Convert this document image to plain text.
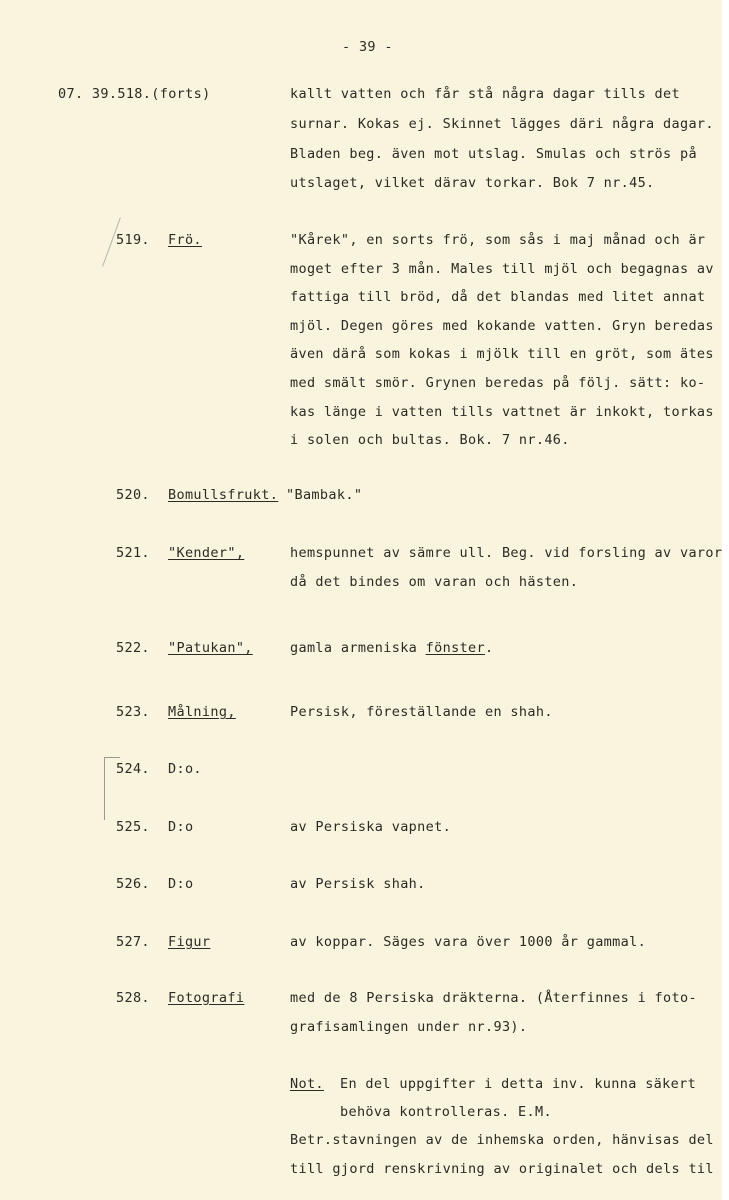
- 39 -
07. 39.518.(forts)	kallt vatten och får stå några dagar tills det
surnar. Kokas ej. Skinnet lägges däri några dagar.
Bladen beg. även mot utslag. Smulas och strös på
utslaget, vilket därav torkar. Bok 7 nr.45.
519. Frö.	"Kårek", en sorts frö, som sås i maj månad och är
moget efter 3 mån. Males till mjöl och begagnas av
fattiga till bröd, då det blandas med litet annat
mjöl. Degen göres med kokande vatten. Gryn beredas
även därå som kokas i mjölk till en gröt, som ätes
med smält smör. Grynen beredas på följ. sätt: ko-
kas länge i vatten tills vattnet är inkokt, torkas
i solen och bultas. Bok. 7 nr.46.
520. Bomullsfrukt. "Bambak."
521. "Kender",	hemspunnet av sämre ull. Beg. vid forsling av varor
då det bindes om varan och hästen.
522. "Patukan",	gamla armeniska fönster.
523. Målning,	Persisk, föreställande en shah.
524. D:o.
525. D:o	av Persiska vapnet.
526. D:o	av Persisk shah.
527. Figur	av koppar. Säges vara över 1000 år gammal.
528. Fotografi	med de 8 Persiska dräkterna. (Återfinnes i foto-
grafisamlingen under nr.93).
Not. En del uppgifter i detta inv. kunna säkert
behöva kontrolleras. E.M.
Betr.stavningen av de inhemska orden, hänvisas del
till gjord renskrivning av originalet och dels til
